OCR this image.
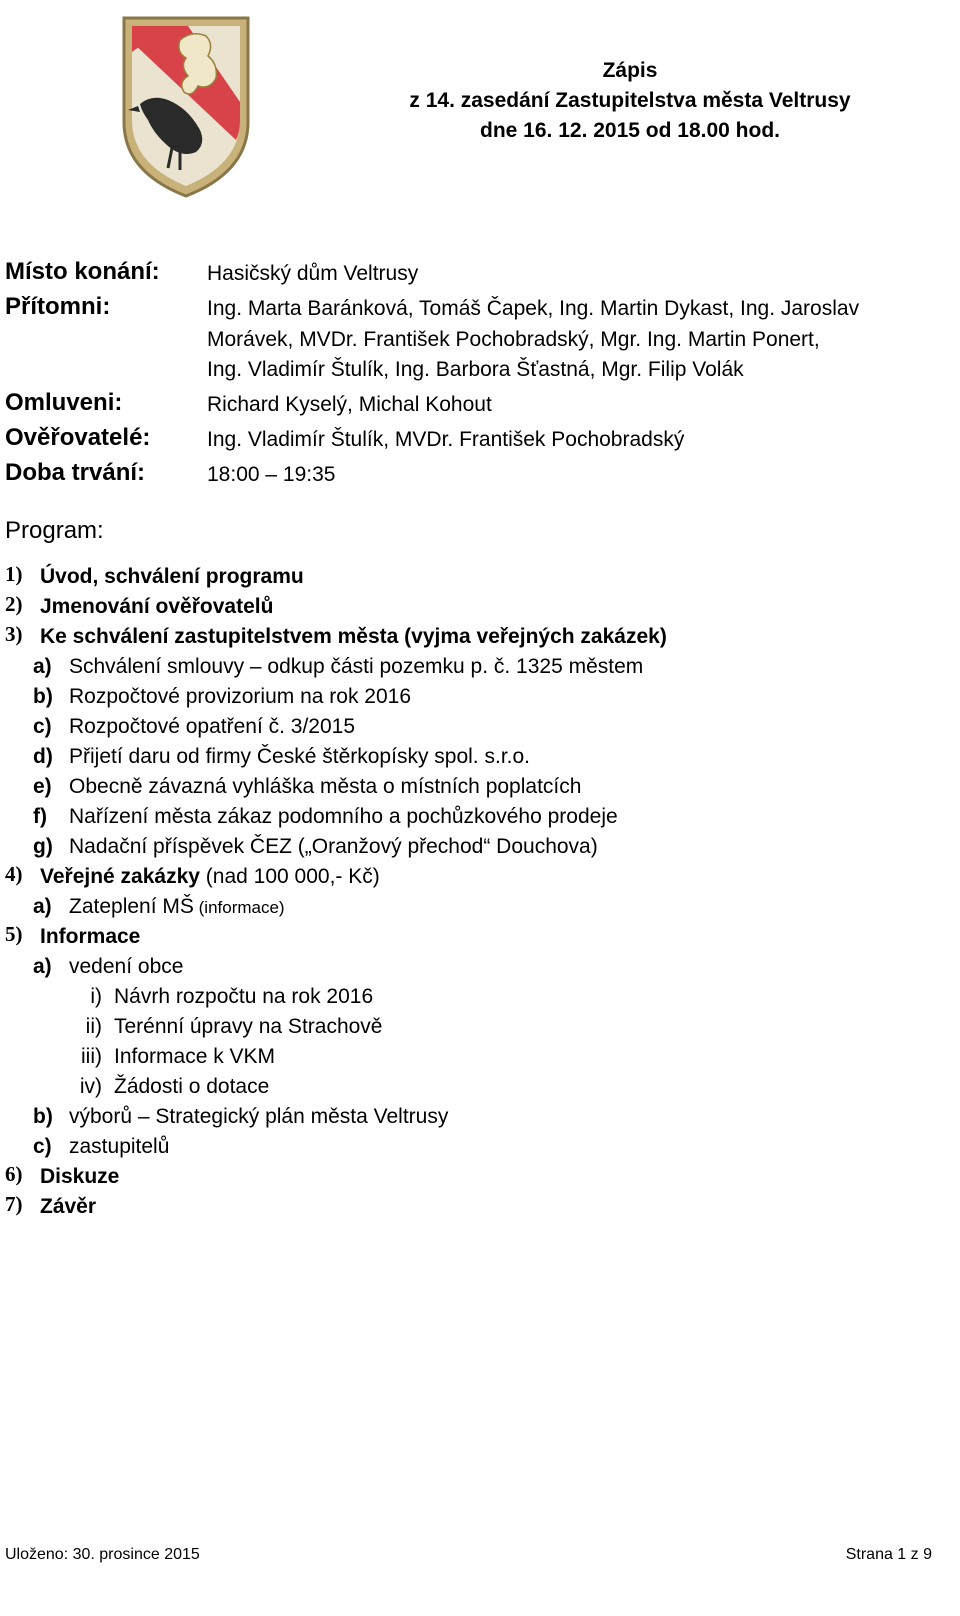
Zápis
z 14. zasedání Zastupitelstva města Veltrusy
dne 16. 12. 2015 od 18.00 hod.
Místo konání: Hasičský dům Veltrusy
Přítomni:	Ing. Marta Baránková, Tomáš Čapek, Ing. Martin Dykast, Ing. Jaroslav
Morávek, MVDr. František Pochobradský, Mgr. Ing. Martin Ponert,
Ing. Vladimír Štulík, Ing. Barbora Šťastná, Mgr. Filip Volák
Omluveni:	Richard Kyselý, Michal Kohout
Ověřovatelé:	Ing. Vladimír Štulík, MVDr. František Pochobradský
Doba trvání:	18:00 – 19:35
Program:
1) Úvod, schválení programu
2) Jmenování ověřovatelů
3) Ke schválení zastupitelstvem města (vyjma veřejných zakázek)
a) Schválení smlouvy – odkup části pozemku p. č. 1325 městem
b) Rozpočtové provizorium na rok 2016
c) Rozpočtové opatření č. 3/2015
d) Přijetí daru od firmy České štěrkopísky spol. s.r.o.
e) Obecně závazná vyhláška města o místních poplatcích
f) Nařízení města zákaz podomního a pochůzkového prodeje
g) Nadační příspěvek ČEZ („Oranžový přechod“ Douchova)
4) Veřejné zakázky (nad 100 000,- Kč)
a) Zateplení MŠ (informace)
5) Informace
a) vedení obce
i) Návrh rozpočtu na rok 2016
ii) Terénní úpravy na Strachově
iii) Informace k VKM
iv) Žádosti o dotace
b) výborů – Strategický plán města Veltrusy
c) zastupitelů
6) Diskuze
7) Závěr
Uloženo: 30. prosince 2015	Strana 1 z 9
